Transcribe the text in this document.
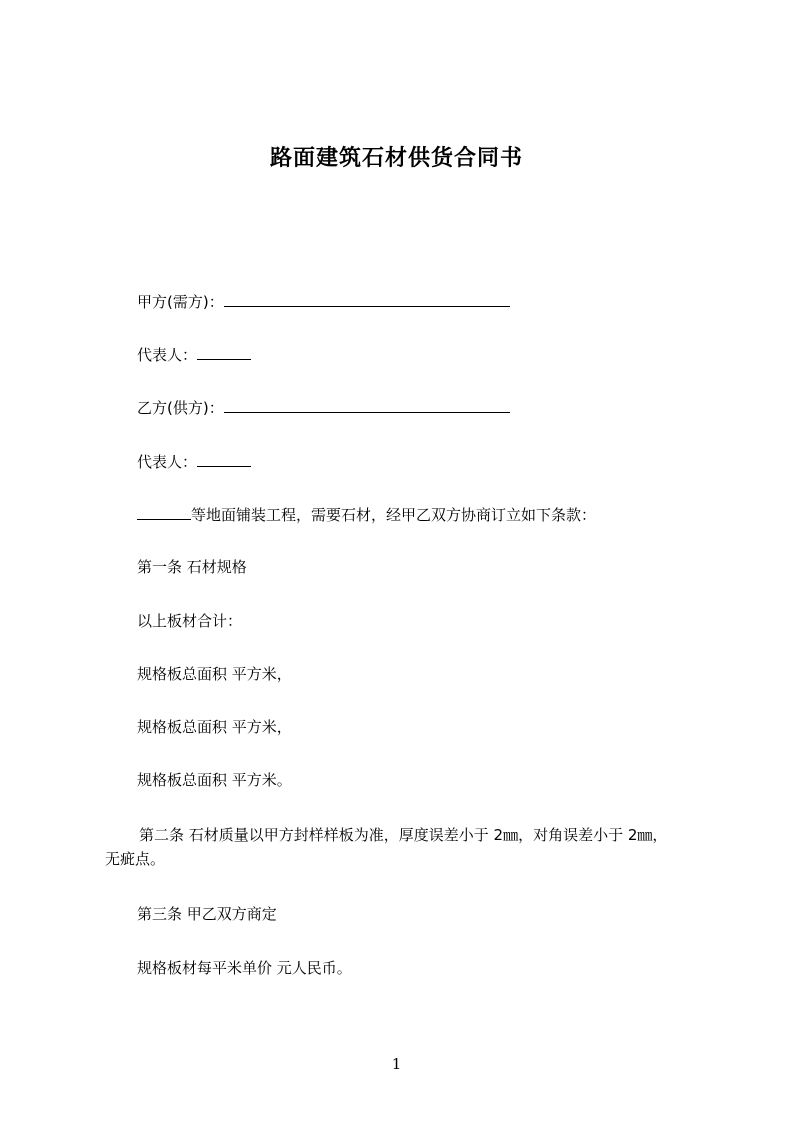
路面建筑石材供货合同书
甲方(需方)：
代表人：
乙方(供方)：
代表人：
等地面铺装工程，需要石材，经甲乙双方协商订立如下条款：
第一条 石材规格
以上板材合计：
规格板总面积 平方米，
规格板总面积 平方米，
规格板总面积 平方米。
第二条 石材质量以甲方封样样板为准，厚度误差小于 2㎜，对角误差小于 2㎜，
无疵点。
第三条 甲乙双方商定
规格板材每平米单价 元人民币。
1
